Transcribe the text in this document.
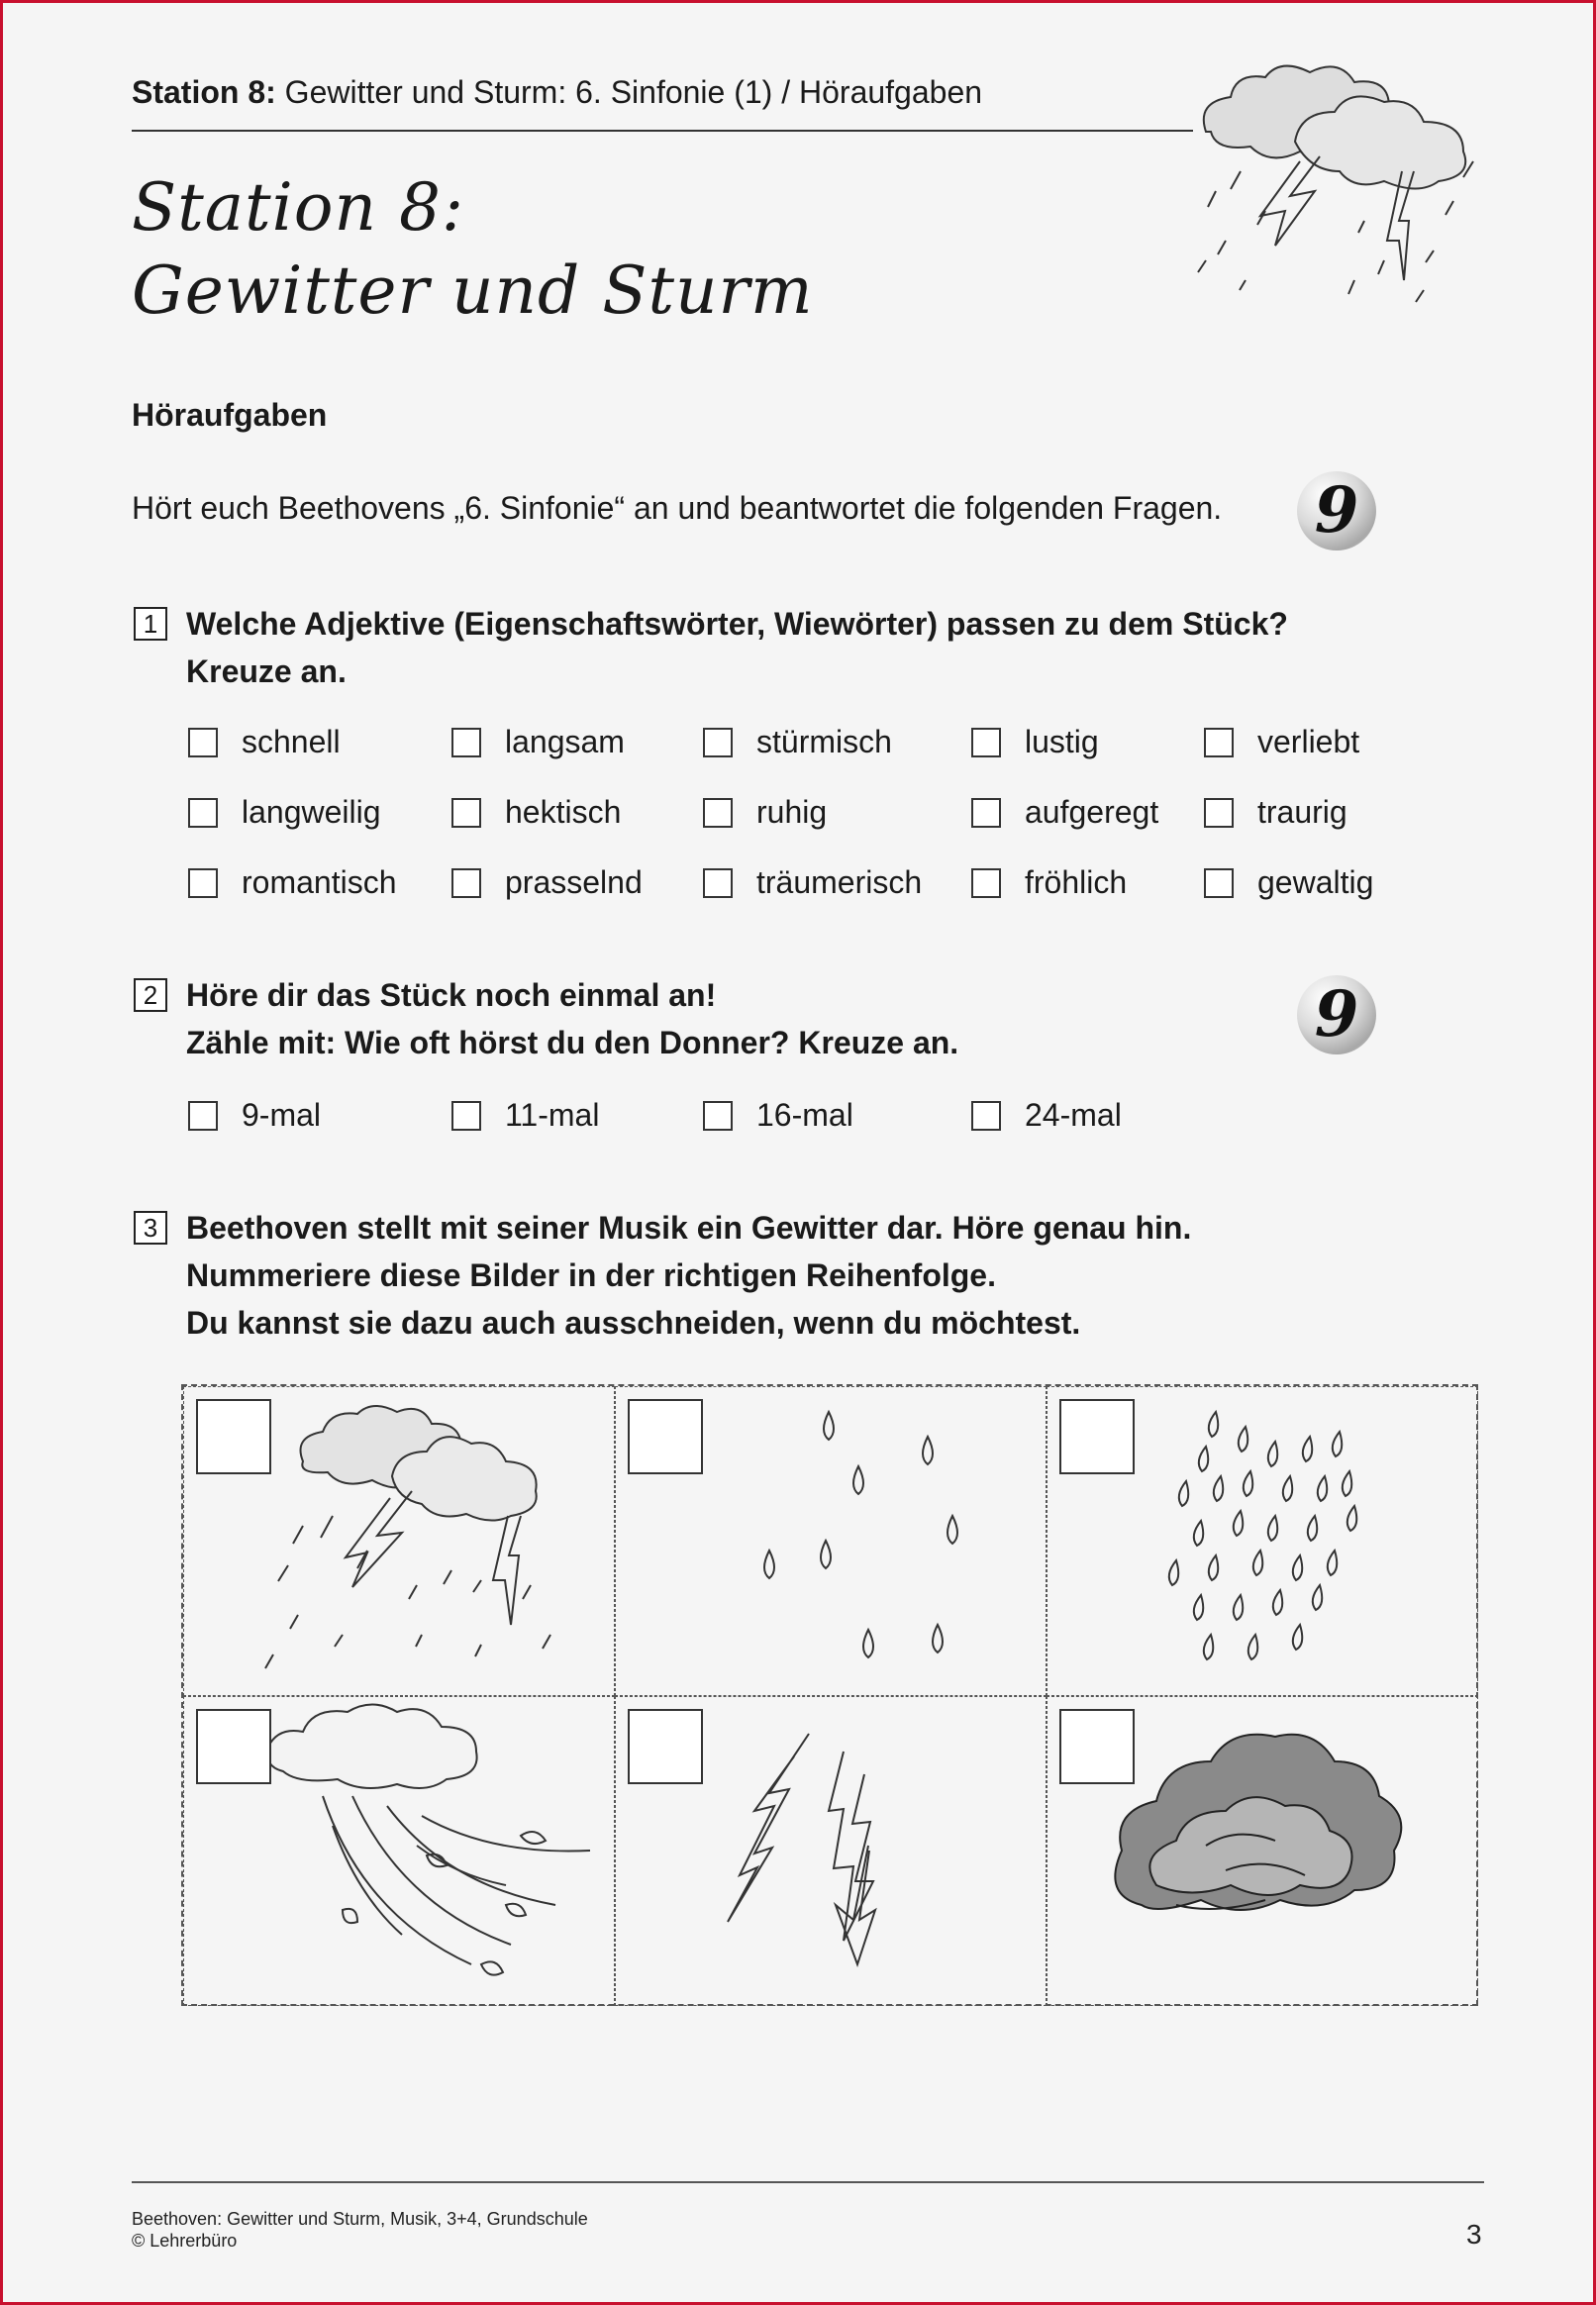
Station 8: Gewitter und Sturm: 6. Sinfonie (1) / Höraufgaben
Station 8:
Gewitter und Sturm
Höraufgaben
Hört euch Beethovens „6. Sinfonie“ an und beantwortet die folgenden Fragen. 9
1 Welche Adjektive (Eigenschaftswörter, Wiewörter) passen zu dem Stück?
Kreuze an.
schnell	langsam	stürmisch	lustig	verliebt
langweilig	hektisch	ruhig	aufgeregt	traurig
romantisch	prasselnd	träumerisch	fröhlich	gewaltig
2 Höre dir das Stück noch einmal an!
Zähle mit: Wie oft hörst du den Donner? Kreuze an.	9
9-mal	11-mal	16-mal	24-mal
3 Beethoven stellt mit seiner Musik ein Gewitter dar. Höre genau hin.
Nummeriere diese Bilder in der richtigen Reihenfolge.
Du kannst sie dazu auch ausschneiden, wenn du möchtest.
Beethoven: Gewitter und Sturm, Musik, 3+4, Grundschule
© Lehrerbüro	3
